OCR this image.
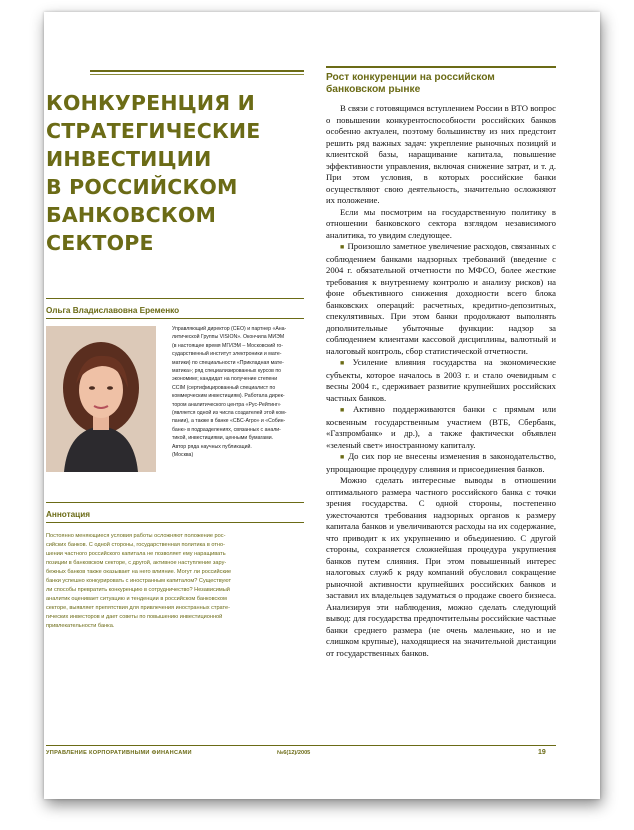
КОНКУРЕНЦИЯ И
СТРАТЕГИЧЕСКИЕ
ИНВЕСТИЦИИ
В РОССИЙСКОМ
БАНКОВСКОМ
СЕКТОРЕ
Ольга Владиславовна Еременко
Управляющий директор (CEO) и партнер «Ана-
литической Группы VISION». Окончила МИЭМ
(в настоящее время МГИЭМ – Московский го-
сударственный институт электроники и мате-
матики) по специальности «Прикладная мате-
матика»; ряд специализированных курсов по
экономике; кандидат на получение степени
CCIM (сертифицированный специалист по
коммерческим инвестициям). Работала дирек-
тором аналитического центра «Рус-Рейтинг»
(является одной из числа создателей этой ком-
пании), а также в банке «СБС-Агро» и «Собин-
банк» в подразделениях, связанных с анали-
тикой, инвестициями, ценными бумагами.
Автор ряда научных публикаций.
(Москва)
Аннотация
Постоянно меняющиеся условия работы осложняют положение рос-
сийских банков. С одной стороны, государственная политика в отно-
шении частного российского капитала не позволяет ему наращивать
позиции в банковском секторе, с другой, активное наступление зару-
бежных банков также оказывает на него влияние. Могут ли российские
банки успешно конкурировать с иностранным капиталом? Существуют
ли способы превратить конкуренцию в сотрудничество? Независимый
аналитик оценивает ситуацию и тенденции в российском банковском
секторе, выявляет препятствия для привлечения иностранных страте-
гических инвесторов и дает советы по повышению инвестиционной
привлекательности банка.
Рост конкуренции на российском
банковском рынке

В связи с готовящимся вступлением России в ВТО вопрос о повышении конкурентоспособности российских банков особенно актуален, поэтому большинству из них предстоит решить ряд важных задач: укрепление рыночных позиций и клиентской базы, наращивание капитала, повышение эффективности управления, включая снижение затрат, и т. д. При этом условия, в которых российские банки осуществляют свою деятельность, значительно осложняют их положение.

Если мы посмотрим на государственную политику в отношении банковского сектора взглядом независимого аналитика, то увидим следующее.

■ Произошло заметное увеличение расходов, связанных с соблюдением банками надзорных требований (введение с 2004 г. обязательной отчетности по МФСО, более жесткие требования к внутреннему контролю и анализу рисков) на фоне объективного снижения доходности всего блока банковских операций: расчетных, кредитно-депозитных, спекулятивных. При этом банки продолжают выполнять дополнительные убыточные функции: надзор за соблюдением клиентами кассовой дисциплины, валютный и налоговый контроль, сбор статистической отчетности.

■ Усиление влияния государства на экономические субъекты, которое началось в 2003 г. и стало очевидным с весны 2004 г., сдерживает развитие крупнейших российских частных банков.

■ Активно поддерживаются банки с прямым или косвенным государственным участием (ВТБ, Сбербанк, «Газпромбанк» и др.), а также фактически объявлен «зеленый свет» иностранному капиталу.

■ До сих пор не внесены изменения в законодательство, упрощающие процедуру слияния и присоединения банков.

Можно сделать интересные выводы в отношении оптимального размера частного российского банка с точки зрения государства. С одной стороны, постепенно ужесточаются требования надзорных органов к размеру капитала банков и увеличиваются расходы на их содержание, что приводит к их укрупнению и объединению. С другой стороны, сохраняется сложнейшая процедура укрупнения банков путем слияния. При этом повышенный интерес налоговых служб к ряду компаний обусловил сокращение рыночной активности крупнейших российских банков и заставил их владельцев задуматься о продаже своего бизнеса. Анализируя эти наблюдения, можно сделать следующий вывод: для государства предпочтительны российские частные банки среднего размера (не очень маленькие, но и не слишком крупные), находящиеся на значительной дистанции от государственных банков.

УПРАВЛЕНИЕ КОРПОРАТИВНЫМИ ФИНАНСАМИ	№6(12)/2005	19
